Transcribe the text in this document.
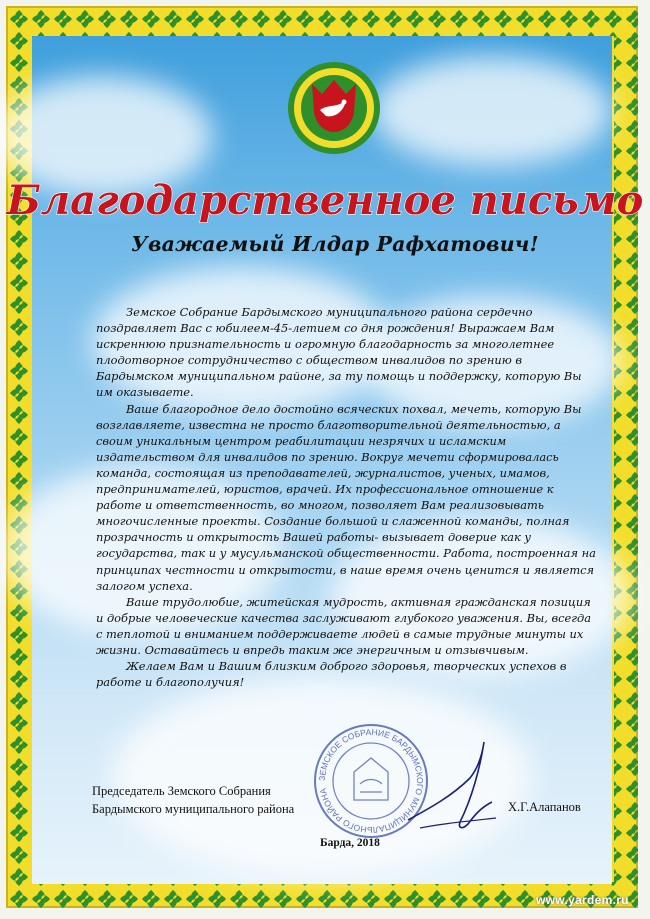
Благодарственное письмо
Уважаемый Илдар Рафхатович!

Земское Собрание Бардымского муниципального района сердечно поздравляет Вас с юбилеем-45-летием со дня рождения! Выражаем Вам искреннюю признательность и огромную благодарность за многолетнее плодотворное сотрудничество с обществом инвалидов по зрению в Бардымском муниципальном районе, за ту помощь и поддержку, которую Вы им оказываете.

Ваше благородное дело достойно всяческих похвал, мечеть, которую Вы возглавляете, известна не просто благотворительной деятельностью, а своим уникальным центром реабилитации незрячих и исламским издательством для инвалидов по зрению. Вокруг мечети сформировалась команда, состоящая из преподавателей, журналистов, ученых, имамов, предпринимателей, юристов, врачей. Их профессиональное отношение к работе и ответственность, во многом, позволяет Вам реализовывать многочисленные проекты. Создание большой и слаженной команды, полная прозрачность и открытость Вашей работы- вызывает доверие как у государства, так и у мусульманской общественности. Работа, построенная на принципах честности и открытости, в наше время очень ценится и является залогом успеха.

Ваше трудолюбие, житейская мудрость, активная гражданская позиция и добрые человеческие качества заслуживают глубокого уважения. Вы, всегда с теплотой и вниманием поддерживаете людей в самые трудные минуты их жизни. Оставайтесь и впредь таким же энергичным и отзывчивым.

Желаем Вам и Вашим близким доброго здоровья, творческих успехов в работе и благополучия!

ЗЕМСКОЕ СОБРАНИЕ БАРДЫМСКОГО МУНИЦИПАЛЬНОГО РАЙОНА
Председатель Земского Собрания
Бардымского муниципального района	Х.Г.Алапанов
Барда, 2018
www.yardem.ru
